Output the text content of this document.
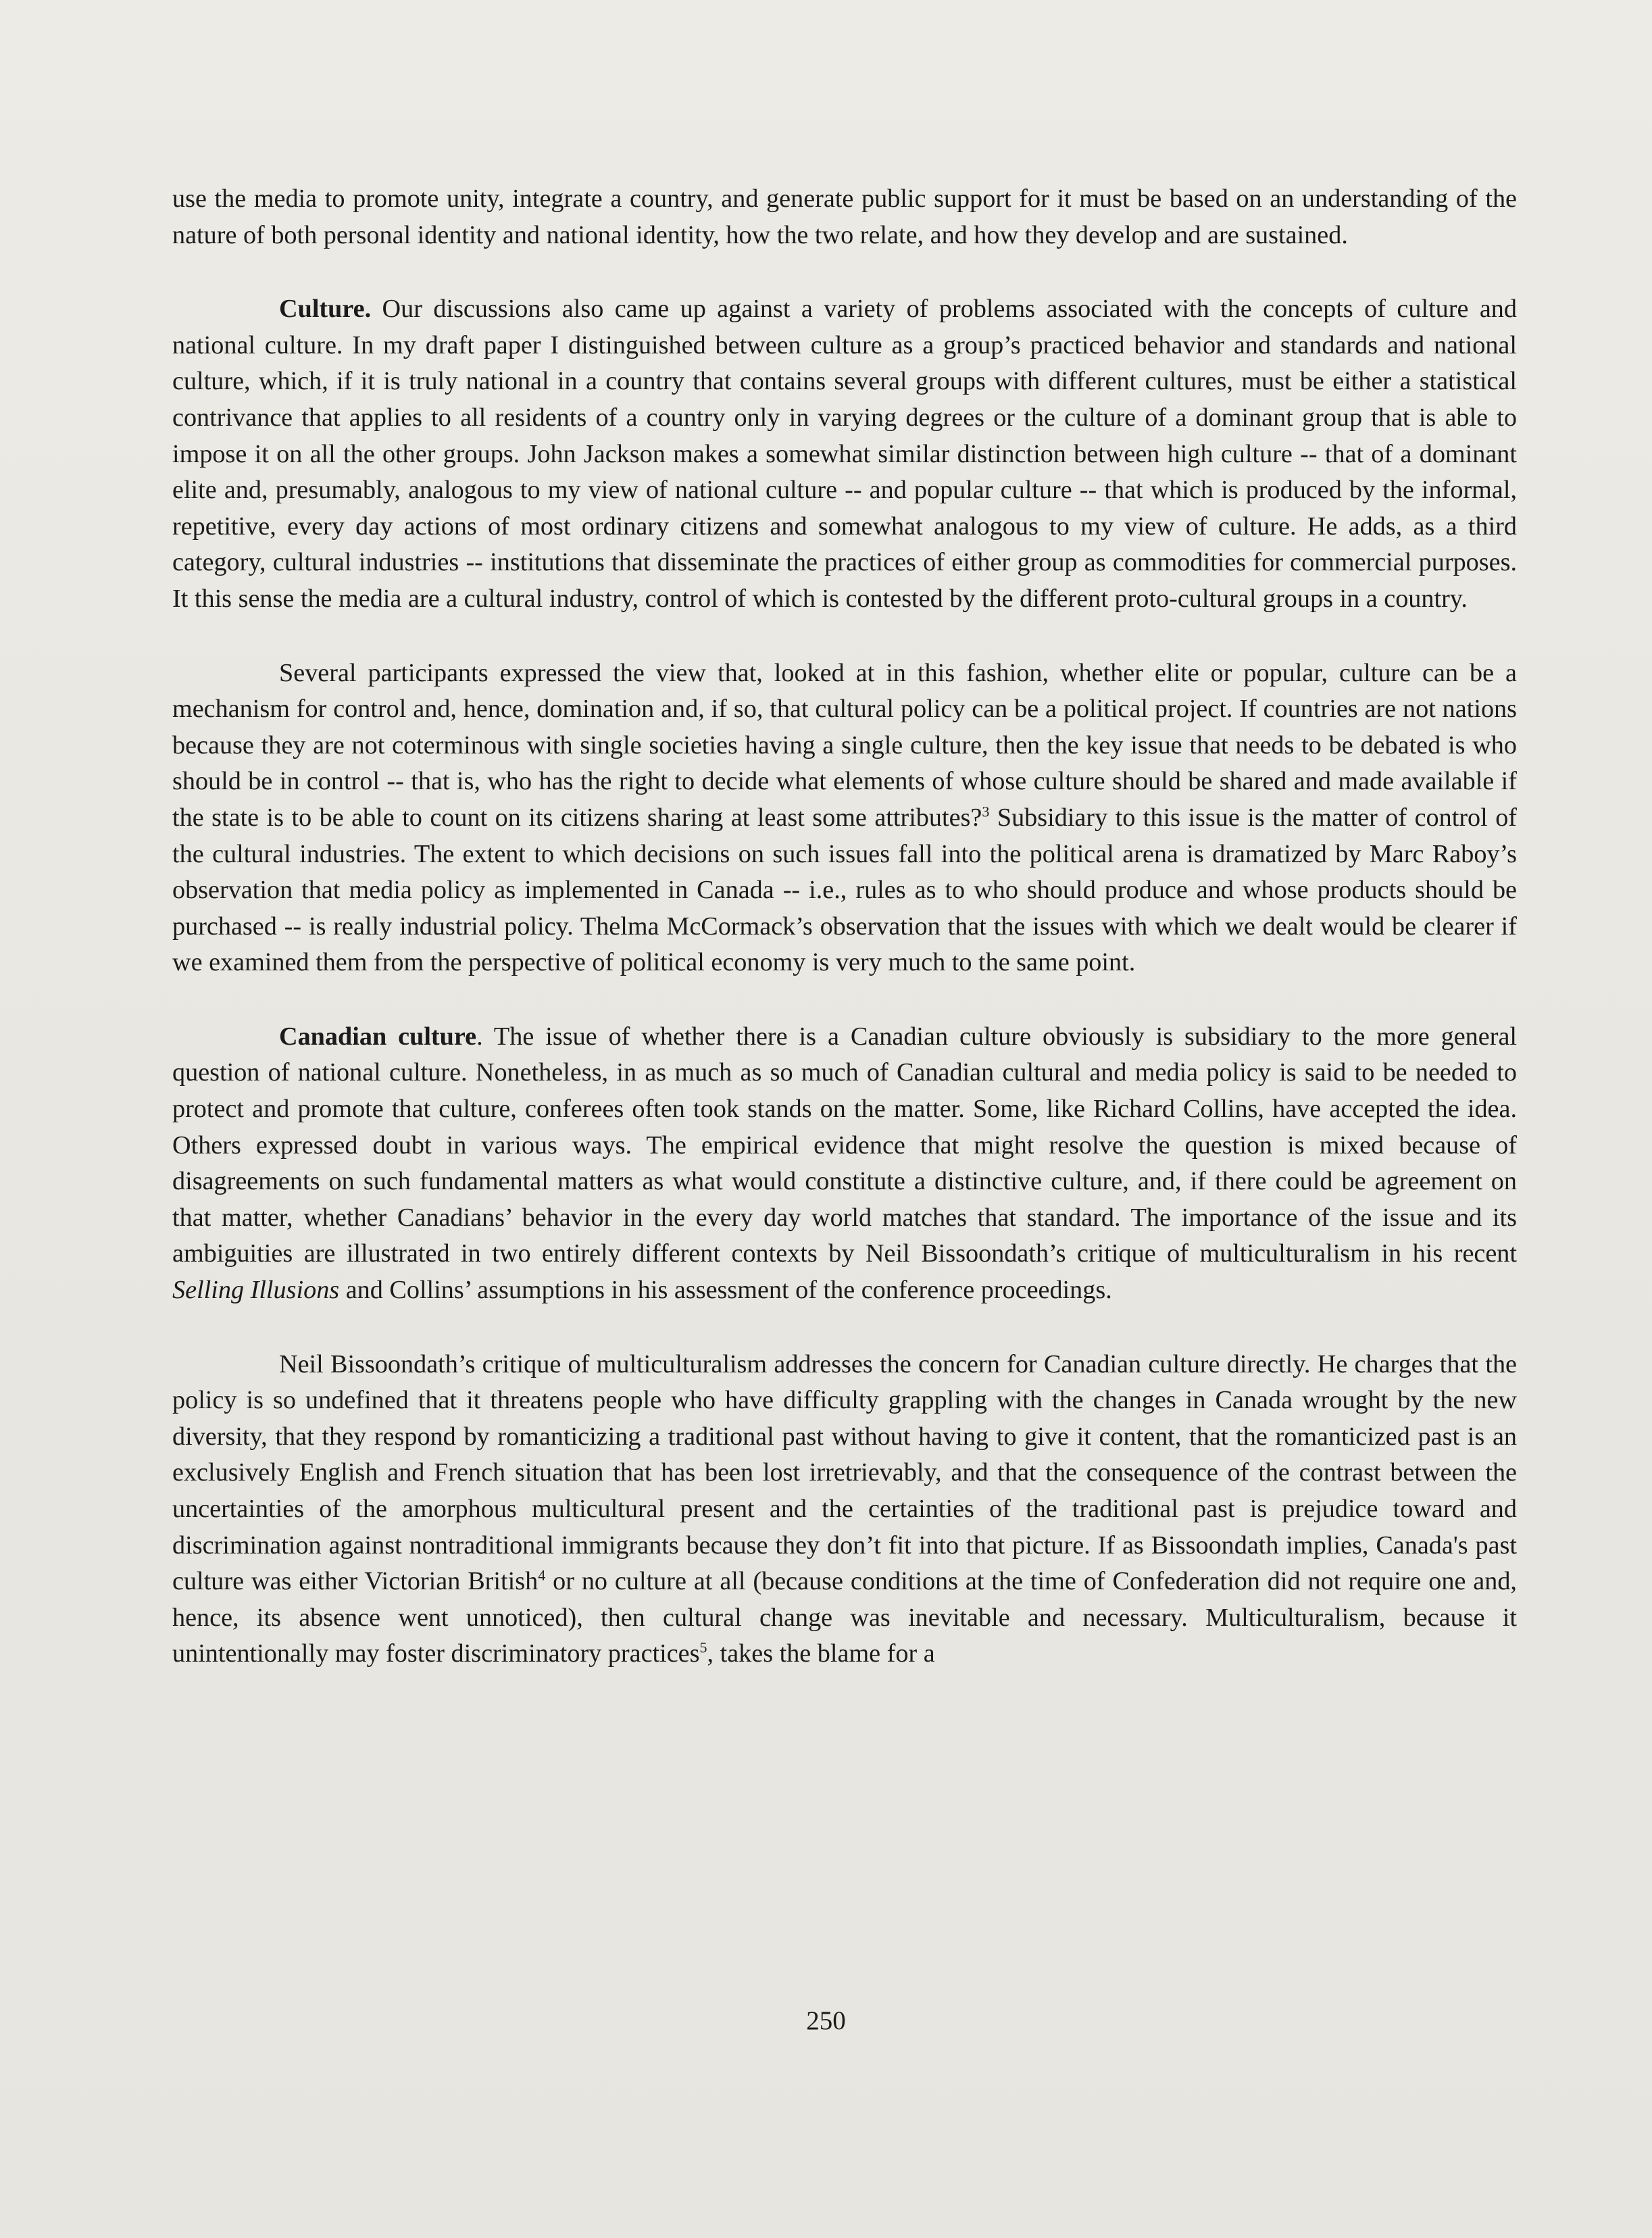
use the media to promote unity, integrate a country, and generate public support for it must be based on an understanding of the nature of both personal identity and national identity, how the two relate, and how they develop and are sustained.

Culture. Our discussions also came up against a variety of problems associated with the concepts of culture and national culture. In my draft paper I distinguished between culture as a group’s practiced behavior and standards and national culture, which, if it is truly national in a country that contains several groups with different cultures, must be either a statistical contrivance that applies to all residents of a country only in varying degrees or the culture of a dominant group that is able to impose it on all the other groups. John Jackson makes a somewhat similar distinction between high culture -- that of a dominant elite and, presumably, analogous to my view of national culture -- and popular culture -- that which is produced by the informal, repetitive, every day actions of most ordinary citizens and somewhat analogous to my view of culture. He adds, as a third category, cultural industries -- institutions that disseminate the practices of either group as commodities for commercial purposes. It this sense the media are a cultural industry, control of which is contested by the different proto-cultural groups in a country.

Several participants expressed the view that, looked at in this fashion, whether elite or popular, culture can be a mechanism for control and, hence, domination and, if so, that cultural policy can be a political project. If countries are not nations because they are not coterminous with single societies having a single culture, then the key issue that needs to be debated is who should be in control -- that is, who has the right to decide what elements of whose culture should be shared and made available if the state is to be able to count on its citizens sharing at least some attributes?$^3$ Subsidiary to this issue is the matter of control of the cultural industries. The extent to which decisions on such issues fall into the political arena is dramatized by Marc Raboy’s observation that media policy as implemented in Canada -- i.e., rules as to who should produce and whose products should be purchased -- is really industrial policy. Thelma McCormack’s observation that the issues with which we dealt would be clearer if we examined them from the perspective of political economy is very much to the same point.

Canadian culture. The issue of whether there is a Canadian culture obviously is subsidiary to the more general question of national culture. Nonetheless, in as much as so much of Canadian cultural and media policy is said to be needed to protect and promote that culture, conferees often took stands on the matter. Some, like Richard Collins, have accepted the idea. Others expressed doubt in various ways. The empirical evidence that might resolve the question is mixed because of disagreements on such fundamental matters as what would constitute a distinctive culture, and, if there could be agreement on that matter, whether Canadians’ behavior in the every day world matches that standard. The importance of the issue and its ambiguities are illustrated in two entirely different contexts by Neil Bissoondath’s critique of multiculturalism in his recent Selling Illusions and Collins’ assumptions in his assessment of the conference proceedings.

Neil Bissoondath’s critique of multiculturalism addresses the concern for Canadian culture directly. He charges that the policy is so undefined that it threatens people who have difficulty grappling with the changes in Canada wrought by the new diversity, that they respond by romanticizing a traditional past without having to give it content, that the romanticized past is an exclusively English and French situation that has been lost irretrievably, and that the consequence of the contrast between the uncertainties of the amorphous multicultural present and the certainties of the traditional past is prejudice toward and discrimination against nontraditional immigrants because they don’t fit into that picture. If as Bissoondath implies, Canada's past culture was either Victorian British$^4$ or no culture at all (because conditions at the time of Confederation did not require one and, hence, its absence went unnoticed), then cultural change was inevitable and necessary. Multiculturalism, because it unintentionally may foster discriminatory practices$^5$, takes the blame for a

250
